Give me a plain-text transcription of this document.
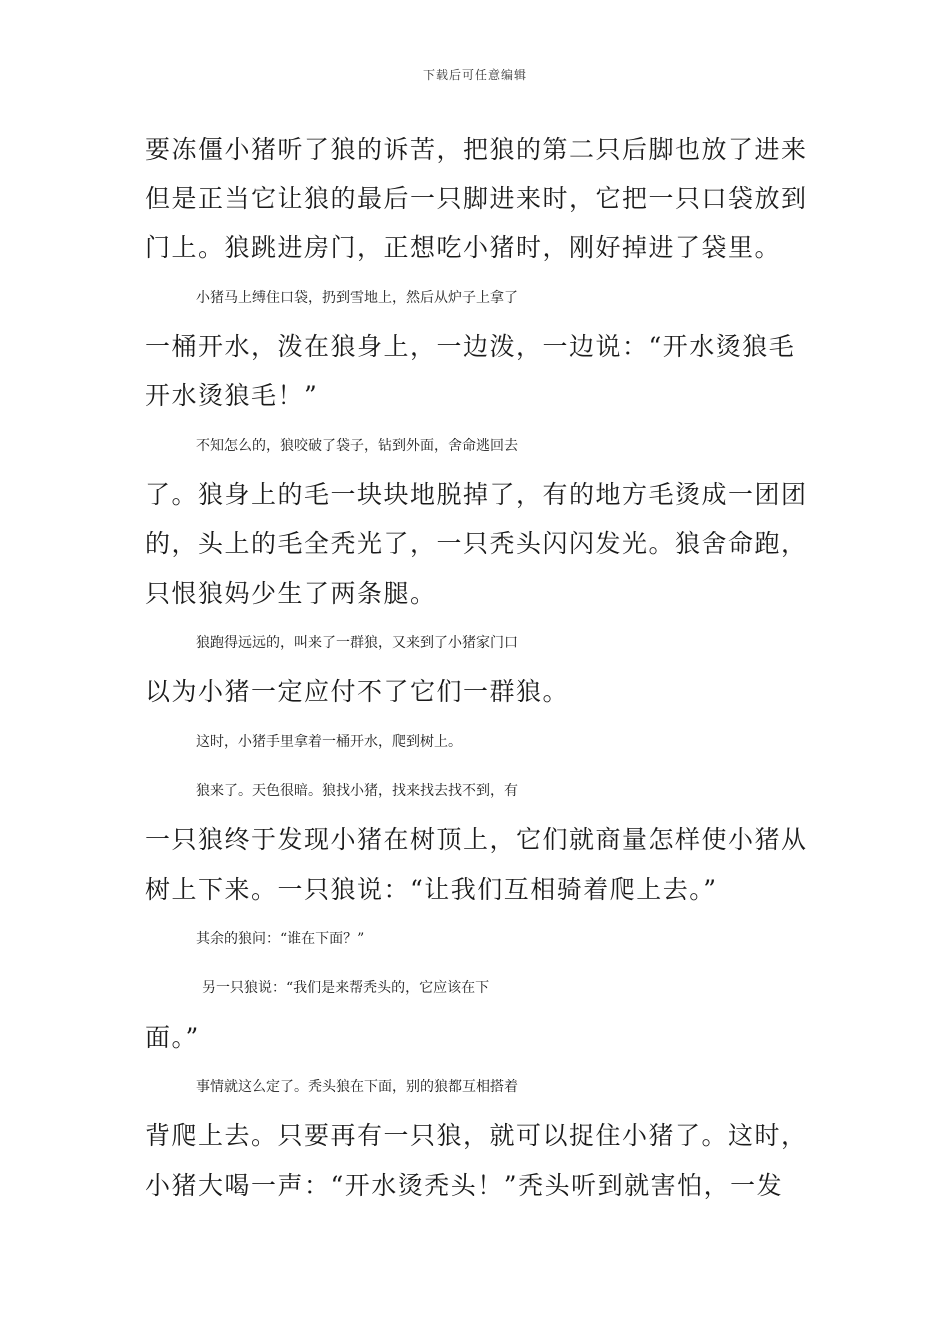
下载后可任意编辑
要冻僵小猪听了狼的诉苦，把狼的第二只后脚也放了进来
但是正当它让狼的最后一只脚进来时，它把一只口袋放到
门上。狼跳进房门，正想吃小猪时，刚好掉进了袋里。
小猪马上缚住口袋，扔到雪地上，然后从炉子上拿了
一桶开水，泼在狼身上，一边泼，一边说：“开水烫狼毛
开水烫狼毛！”
不知怎么的，狼咬破了袋子，钻到外面，舍命逃回去
了。狼身上的毛一块块地脱掉了，有的地方毛烫成一团团
的，头上的毛全秃光了，一只秃头闪闪发光。狼舍命跑，
只恨狼妈少生了两条腿。
狼跑得远远的，叫来了一群狼，又来到了小猪家门口
以为小猪一定应付不了它们一群狼。
这时，小猪手里拿着一桶开水，爬到树上。
狼来了。天色很暗。狼找小猪，找来找去找不到，有
一只狼终于发现小猪在树顶上，它们就商量怎样使小猪从
树上下来。一只狼说：“让我们互相骑着爬上去。”
其余的狼问：“谁在下面？”
另一只狼说：“我们是来帮秃头的，它应该在下
面。”
事情就这么定了。秃头狼在下面，别的狼都互相搭着
背爬上去。只要再有一只狼，就可以捉住小猪了。这时，
小猪大喝一声：“开水烫秃头！”秃头听到就害怕，一发
